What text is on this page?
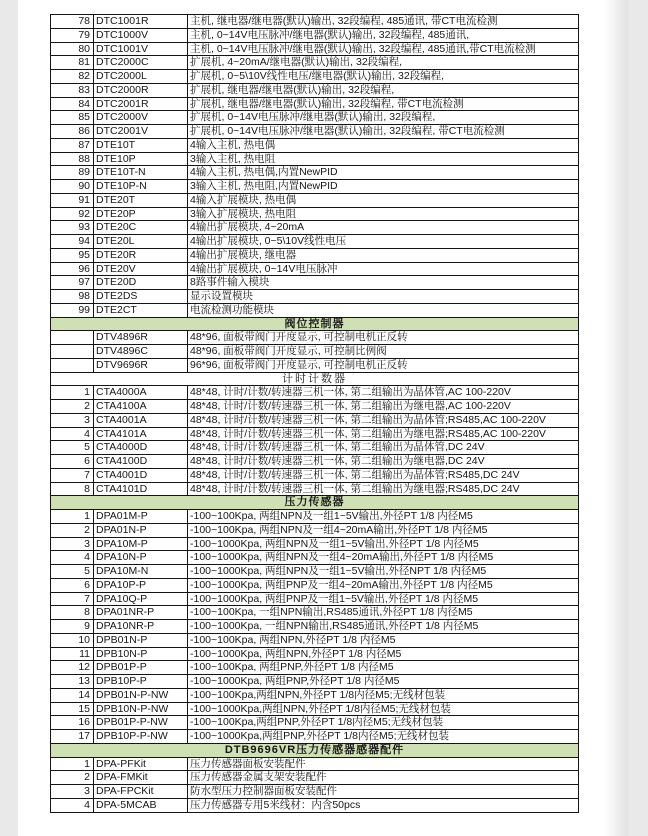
78	DTC1001R	主机, 继电器/继电器(默认)输出, 32段编程, 485通讯, 带CT电流检测
79	DTC1000V	主机, 0~14V电压脉冲/继电器(默认)输出, 32段编程, 485通讯,
80	DTC1001V	主机, 0~14V电压脉冲/继电器(默认)输出, 32段编程, 485通讯,带CT电流检测
81	DTC2000C	扩展机, 4~20mA/继电器(默认)输出, 32段编程,
82	DTC2000L	扩展机, 0~5\10V线性电压/继电器(默认)输出, 32段编程,
83	DTC2000R	扩展机, 继电器/继电器(默认)输出, 32段编程,
84	DTC2001R	扩展机, 继电器/继电器(默认)输出, 32段编程, 带CT电流检测
85	DTC2000V	扩展机, 0~14V电压脉冲/继电器(默认)输出, 32段编程,
86	DTC2001V	扩展机, 0~14V电压脉冲/继电器(默认)输出, 32段编程, 带CT电流检测
87	DTE10T	4输入主机, 热电偶
88	DTE10P	3输入主机, 热电阻
89	DTE10T-N	4输入主机, 热电偶,内置NewPID
90	DTE10P-N	3输入主机, 热电阻,内置NewPID
91	DTE20T	4输入扩展模块, 热电偶
92	DTE20P	3输入扩展模块, 热电阻
93	DTE20C	4输出扩展模块, 4~20mA
94	DTE20L	4输出扩展模块, 0~5\10V线性电压
95	DTE20R	4输出扩展模块, 继电器
96	DTE20V	4输出扩展模块, 0~14V电压脉冲
97	DTE20D	8路事件输入模块
98	DTE2DS	显示设置模块
99	DTE2CT	电流检测功能模块
阀位控制器		
	DTV4896R	48*96, 面板带阀门开度显示, 可控制电机正反转
	DTV4896C	48*96, 面板带阀门开度显示, 可控制比例阀
	DTV9696R	96*96, 面板带阀门开度显示, 可控制电机正反转
计时计数器		
1	CTA4000A	48*48, 计时/计数/转速器三机一体, 第二组输出为晶体管,AC 100-220V
2	CTA4100A	48*48, 计时/计数/转速器三机一体, 第二组输出为继电器,AC 100-220V
3	CTA4001A	48*48, 计时/计数/转速器三机一体, 第二组输出为晶体管;RS485,AC 100-220V
4	CTA4101A	48*48, 计时/计数/转速器三机一体, 第二组输出为继电器;RS485,AC 100-220V
5	CTA4000D	48*48, 计时/计数/转速器三机一体, 第二组输出为晶体管,DC 24V
6	CTA4100D	48*48, 计时/计数/转速器三机一体, 第二组输出为继电器,DC 24V
7	CTA4001D	48*48, 计时/计数/转速器三机一体, 第二组输出为晶体管;RS485,DC 24V
8	CTA4101D	48*48, 计时/计数/转速器三机一体, 第二组输出为继电器;RS485,DC 24V
压力传感器		
1	DPA01M-P	-100~100Kpa, 两组NPN及一组1~5V输出,外径PT 1/8 内径M5
2	DPA01N-P	-100~100Kpa, 两组NPN及一组4~20mA输出,外径PT 1/8 内径M5
3	DPA10M-P	-100~1000Kpa, 两组NPN及一组1~5V输出,外径PT 1/8 内径M5
4	DPA10N-P	-100~1000Kpa, 两组NPN及一组4~20mA输出,外径PT 1/8 内径M5
5	DPA10M-N	-100~1000Kpa, 两组NPN及一组1~5V输出,外径NPT 1/8 内径M5
6	DPA10P-P	-100~1000Kpa, 两组PNP及一组4~20mA输出,外径PT 1/8 内径M5
7	DPA10Q-P	-100~1000Kpa, 两组PNP及一组1~5V输出,外径PT 1/8 内径M5
8	DPA01NR-P	-100~100Kpa, 一组NPN输出,RS485通讯,外径PT 1/8 内径M5
9	DPA10NR-P	-100~1000Kpa, 一组NPN输出,RS485通讯,外径PT 1/8 内径M5
10	DPB01N-P	-100~100Kpa, 两组NPN,外径PT 1/8 内径M5
11	DPB10N-P	-100~1000Kpa, 两组NPN,外径PT 1/8 内径M5
12	DPB01P-P	-100~100Kpa, 两组PNP,外径PT 1/8 内径M5
13	DPB10P-P	-100~1000Kpa, 两组PNP,外径PT 1/8 内径M5
14	DPB01N-P-NW	-100~100Kpa,两组NPN,外径PT 1/8内径M5;无线材包装
15	DPB10N-P-NW	-100~1000Kpa,两组NPN,外径PT 1/8内径M5;无线材包装
16	DPB01P-P-NW	-100~100Kpa,两组PNP,外径PT 1/8内径M5;无线材包装
17	DPB10P-P-NW	-100~1000Kpa,两组PNP,外径PT 1/8内径M5;无线材包装
DTB9696VR压力传感器感器配件		
1	DPA-PFKit	压力传感器面板安装配件
2	DPA-FMKit	压力传感器金属支架安装配件
3	DPA-FPCKit	防水型压力控制器面板安装配件
4	DPA-5MCAB	压力传感器专用5米线材：内含50pcs
